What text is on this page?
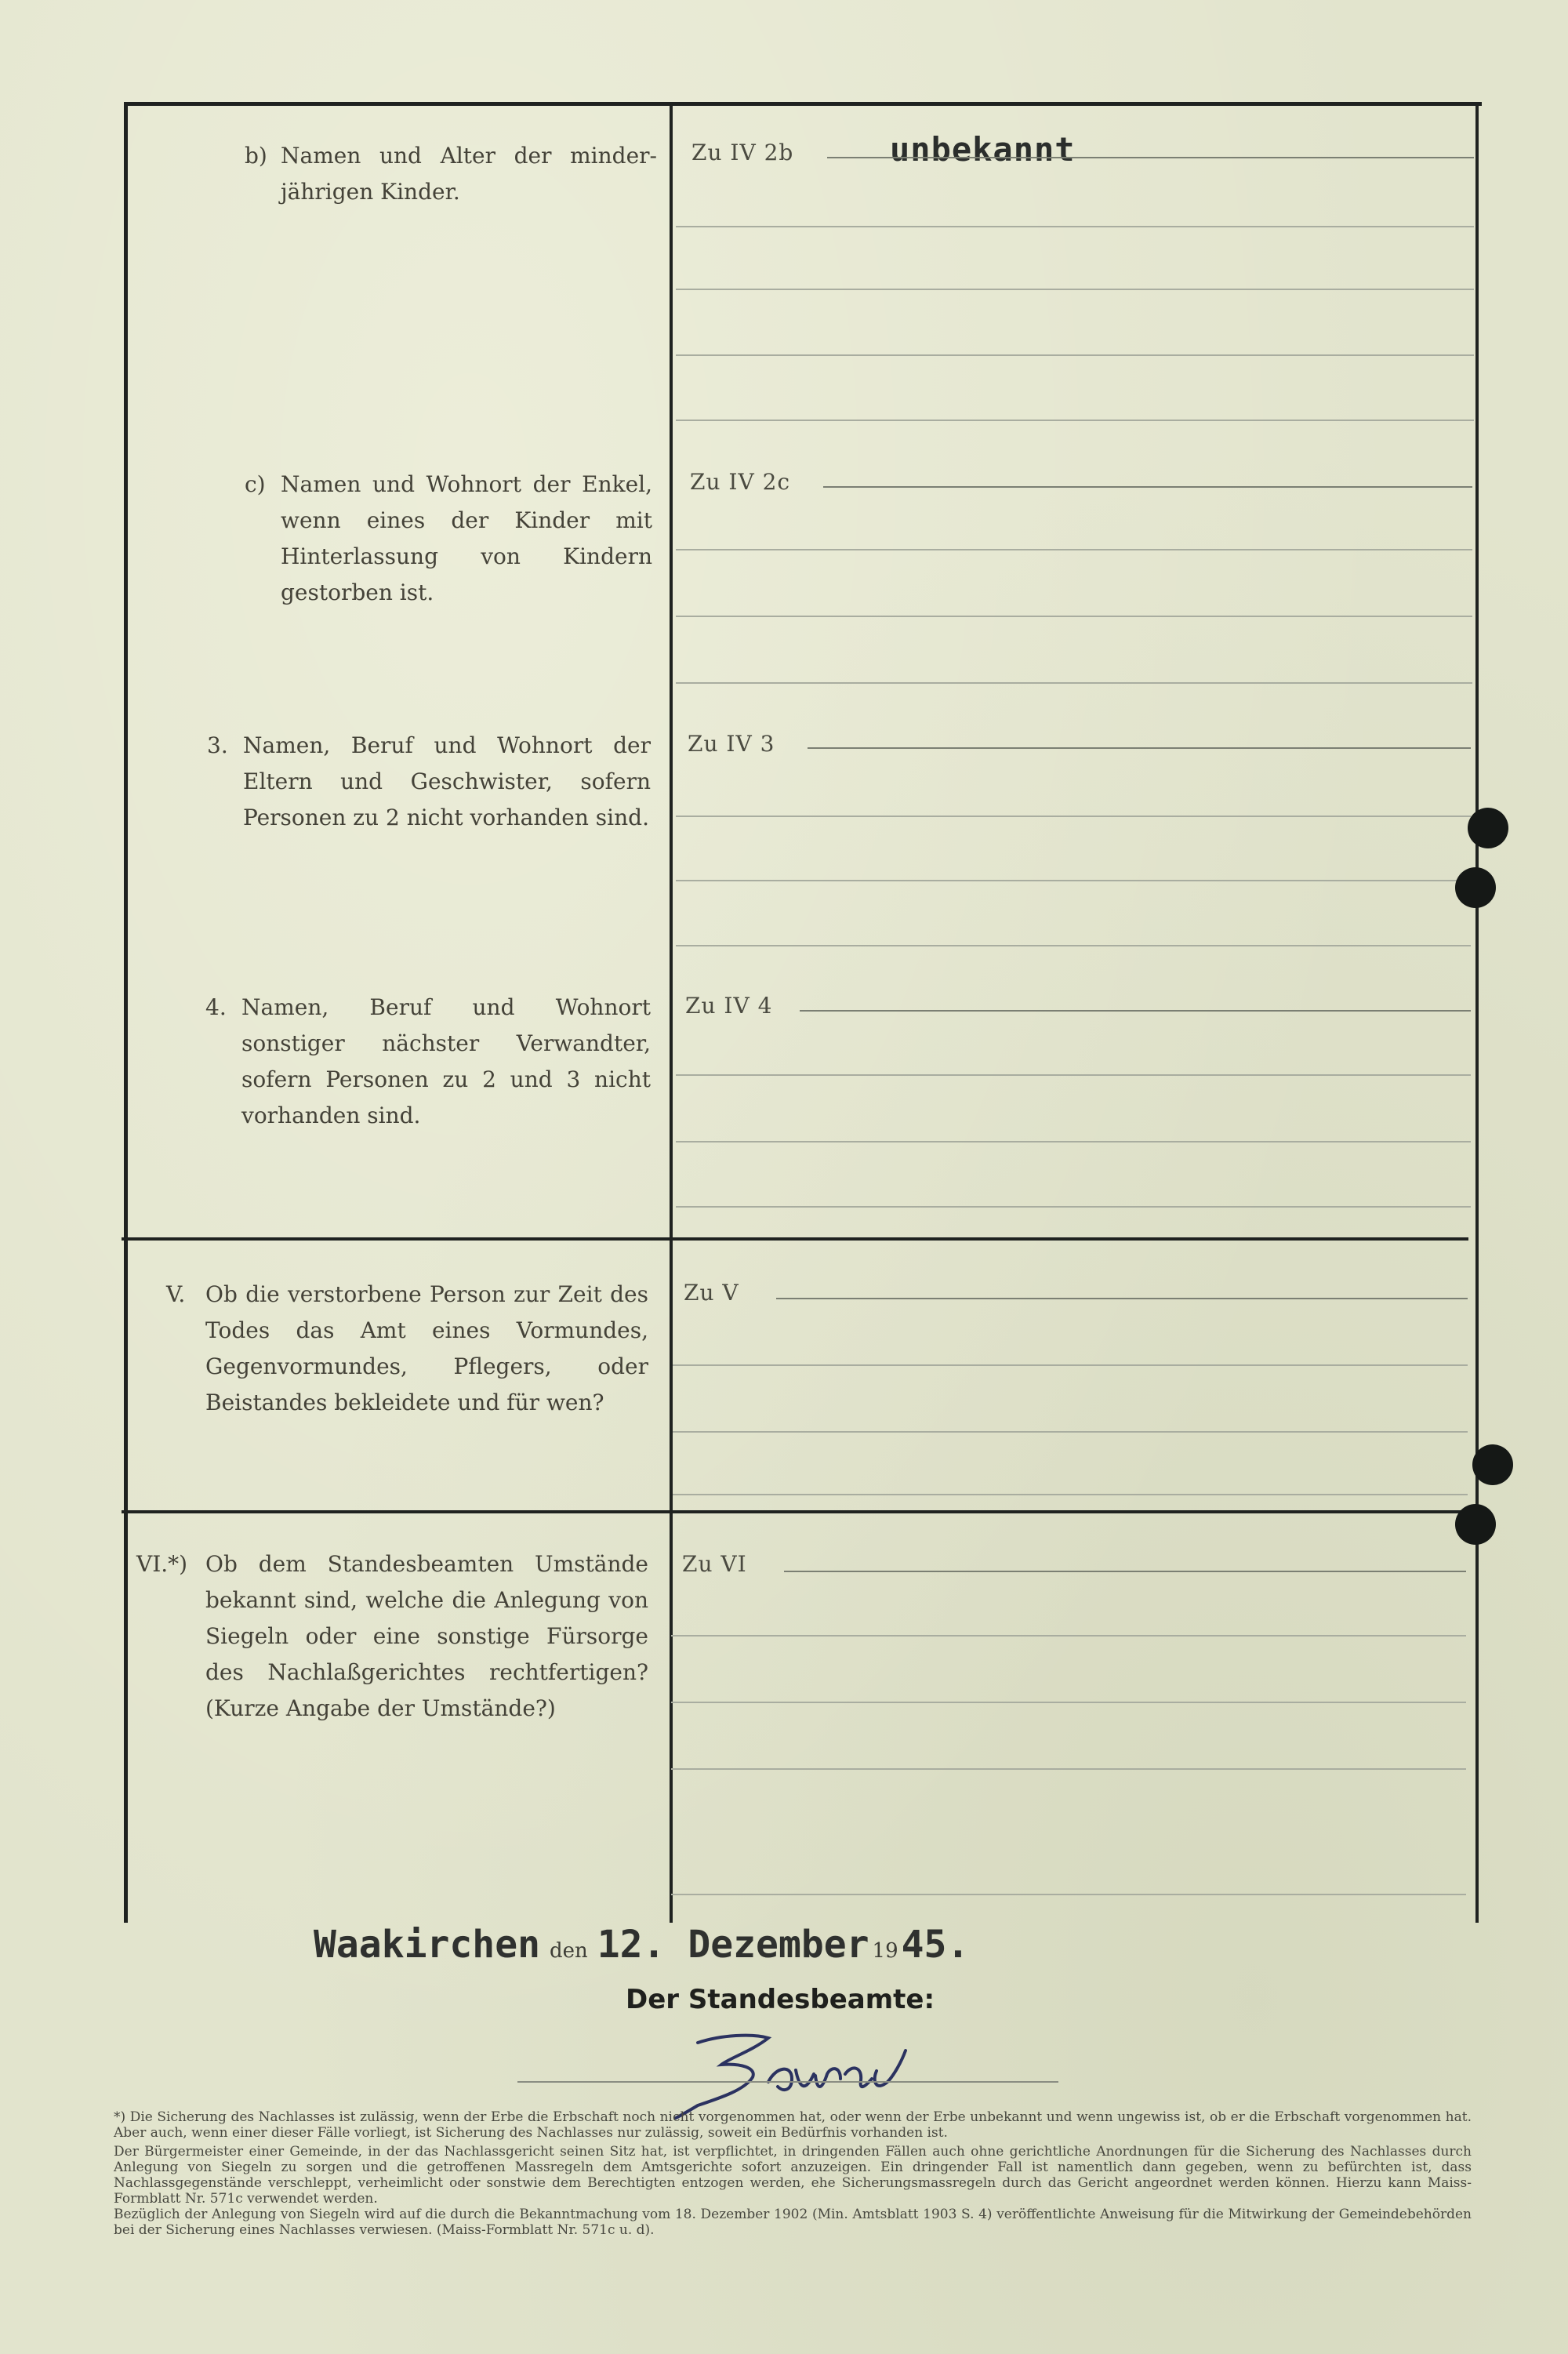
b) Namen und Alter der minder-jährigen Kinder.
Zu IV 2b	unbekannt
c) Namen und Wohnort der Enkel, wenn eines der Kinder mit Hinterlassung von Kindern gestorben ist.
Zu IV 2c
3. Namen, Beruf und Wohnort der Eltern und Geschwister, sofern Personen zu 2 nicht vorhanden sind.
Zu IV 3
4. Namen, Beruf und Wohnort sonstiger nächster Verwandter, sofern Personen zu 2 und 3 nicht vorhanden sind.
Zu IV 4
V. Ob die verstorbene Person zur Zeit des Todes das Amt eines Vormundes, Gegenvormundes, Pflegers, oder Beistandes bekleidete und für wen?
Zu V
VI.*) Ob dem Standesbeamten Umstände bekannt sind, welche die Anlegung von Siegeln oder eine sonstige Fürsorge des Nachlaßgerichtes rechtfertigen? (Kurze Angabe der Umstände?)
Zu VI
Waakirchen den 12. Dezember 1945.
Der Standesbeamte:

*) Die Sicherung des Nachlasses ist zulässig, wenn der Erbe die Erbschaft noch nicht vorgenommen hat, oder wenn der Erbe unbekannt und wenn ungewiss ist, ob er die Erbschaft vorgenommen hat. Aber auch, wenn einer dieser Fälle vorliegt, ist Sicherung des Nachlasses nur zulässig, soweit ein Bedürfnis vorhanden ist.

Der Bürgermeister einer Gemeinde, in der das Nachlassgericht seinen Sitz hat, ist verpflichtet, in dringenden Fällen auch ohne gerichtliche Anordnungen für die Sicherung des Nachlasses durch Anlegung von Siegeln zu sorgen und die getroffenen Massregeln dem Amtsgerichte sofort anzuzeigen. Ein dringender Fall ist namentlich dann gegeben, wenn zu befürchten ist, dass Nachlassgegenstände verschleppt, verheimlicht oder sonstwie dem Berechtigten entzogen werden, ehe Sicherungsmassregeln durch das Gericht angeordnet werden können. Hierzu kann Maiss-Formblatt Nr. 571c verwendet werden.

Bezüglich der Anlegung von Siegeln wird auf die durch die Bekanntmachung vom 18. Dezember 1902 (Min. Amtsblatt 1903 S. 4) veröffentlichte Anweisung für die Mitwirkung der Gemeindebehörden bei der Sicherung eines Nachlasses verwiesen. (Maiss-Formblatt Nr. 571c u. d).
